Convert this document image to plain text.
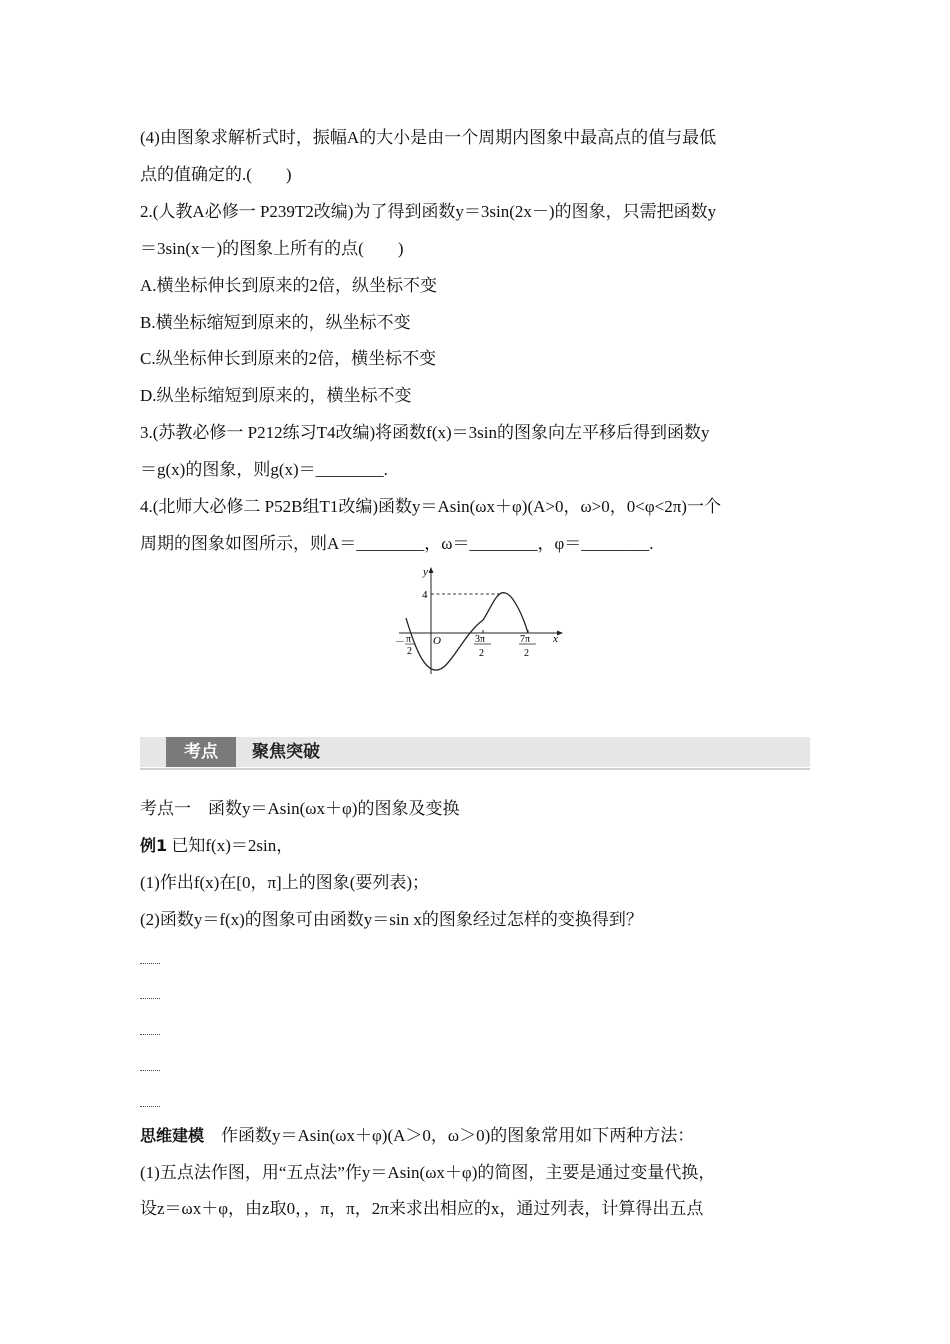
(4)由图象求解析式时，振幅A的大小是由一个周期内图象中最高点的值与最低
点的值确定的.(　　)
2.(人教A必修一 P239T2改编)为了得到函数y＝3sin(2x－)的图象，只需把函数y
＝3sin(x－)的图象上所有的点(　　)
A.横坐标伸长到原来的2倍，纵坐标不变
B.横坐标缩短到原来的，纵坐标不变
C.纵坐标伸长到原来的2倍，横坐标不变
D.纵坐标缩短到原来的，横坐标不变
3.(苏教必修一 P212练习T4改编)将函数f(x)＝3sin的图象向左平移后得到函数y
＝g(x)的图象，则g(x)＝________.
4.(北师大必修二 P52B组T1改编)函数y＝Asin(ωx＋φ)(A>0，ω>0，0<φ<2π)一个
周期的图象如图所示，则A＝________，ω＝________，φ＝________.
y
x
O
4
－ π
2
3π
2
7π
2
考点	聚焦突破
考点一　函数y＝Asin(ωx＋φ)的图象及变换
例1 已知f(x)＝2sin，
(1)作出f(x)在[0，π]上的图象(要列表)；
(2)函数y＝f(x)的图象可由函数y＝sin x的图象经过怎样的变换得到？
思维建模　作函数y＝Asin(ωx＋φ)(A＞0，ω＞0)的图象常用如下两种方法：
(1)五点法作图，用“五点法”作y＝Asin(ωx＋φ)的简图，主要是通过变量代换，
设z＝ωx＋φ，由z取0，，π，π，2π来求出相应的x，通过列表，计算得出五点
